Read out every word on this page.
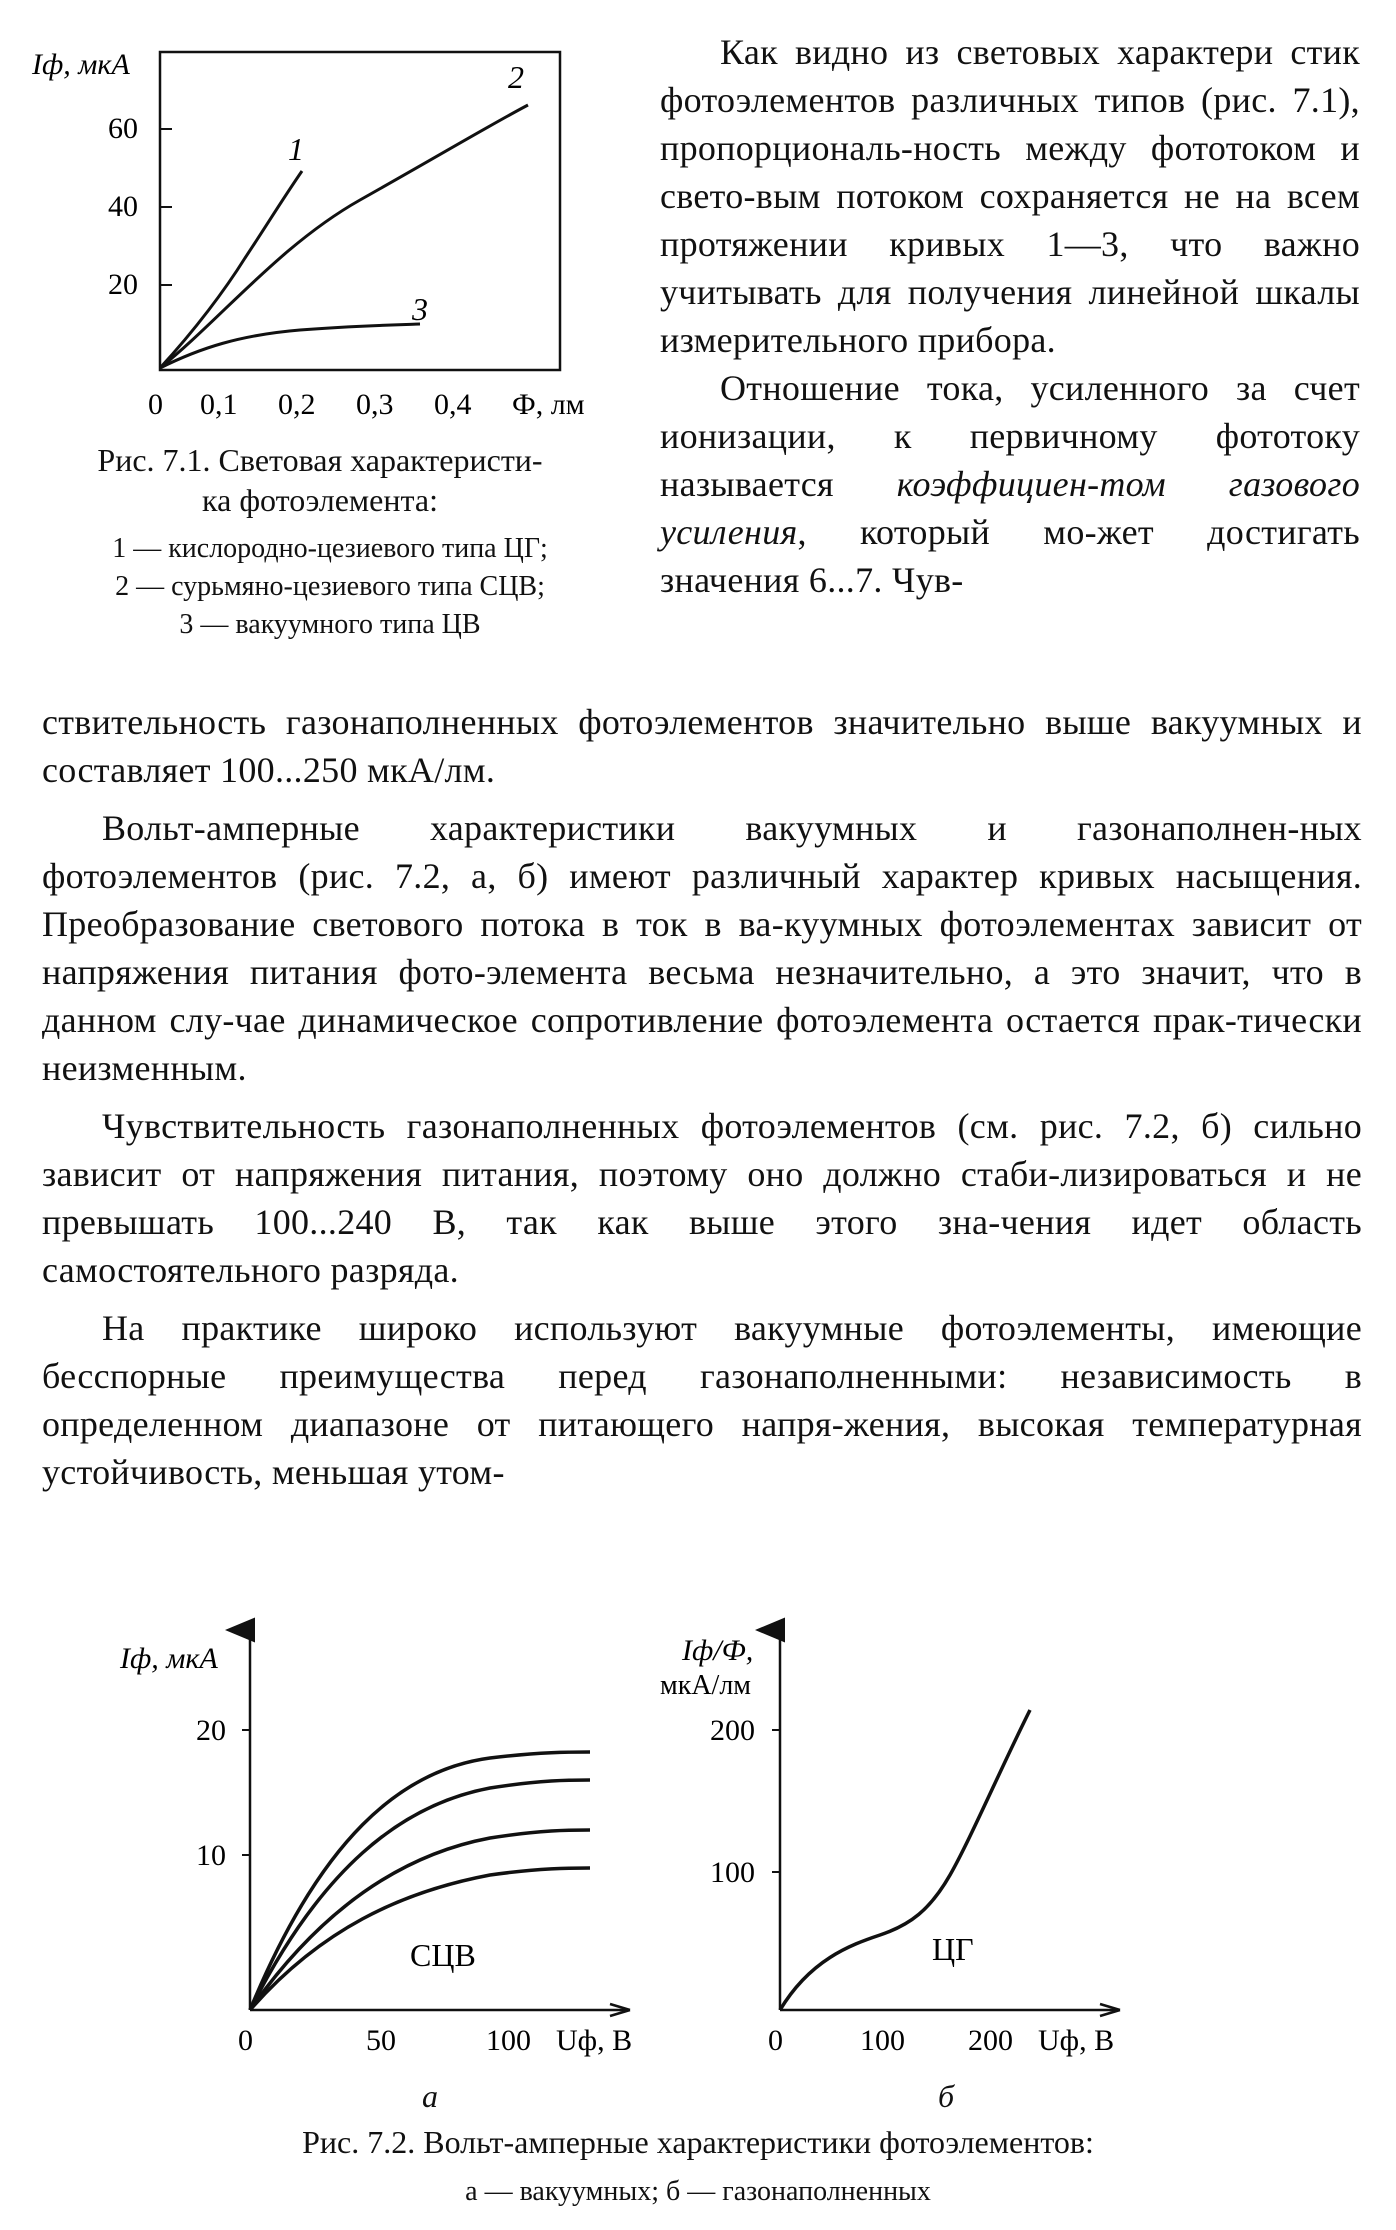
Iф, мкА
60
40
20
0 0,1 0,2 0,3 0,4 Ф, лм
1
2
3
Рис. 7.1. Световая характеристи-
ка фотоэлемента:
1 — кислородно-цезиевого типа ЦГ;
2 — сурьмяно-цезиевого типа СЦВ;
3 — вакуумного типа ЦВ

Как видно из световых характери стик фотоэлементов различных типов (рис. 7.1), пропорциональ-ность между фототоком и свето-вым потоком сохраняется не на всем протяжении кривых 1—3, что важно учитывать для получения линейной шкалы измерительного прибора.

Отношение тока, усиленного за счет ионизации, к первичному фототоку называется коэффициен-том газового усиления, который мо-жет достигать значения 6...7. Чув-

ствительность газонаполненных фотоэлементов значительно выше вакуумных и составляет 100...250 мкА/лм.

Вольт-амперные характеристики вакуумных и газонаполнен-ных фотоэлементов (рис. 7.2, а, б) имеют различный характер кривых насыщения. Преобразование светового потока в ток в ва-куумных фотоэлементах зависит от напряжения питания фото-элемента весьма незначительно, а это значит, что в данном слу-чае динамическое сопротивление фотоэлемента остается прак-тически неизменным.

Чувствительность газонаполненных фотоэлементов (см. рис. 7.2, б) сильно зависит от напряжения питания, поэтому оно должно стаби-лизироваться и не превышать 100...240 В, так как выше этого зна-чения идет область самостоятельного разряда.

На практике широко используют вакуумные фотоэлементы, имеющие бесспорные преимущества перед газонаполненными: независимость в определенном диапазоне от питающего напря-жения, высокая температурная устойчивость, меньшая утом-

Iф, мкА
20
10
0	50	100 Uф, В
СЦВ
а
Iф/Ф,
мкА/лм
200
100
0	100 200 Uф, В
ЦГ
б
Рис. 7.2. Вольт-амперные характеристики фотоэлементов:
а — вакуумных; б — газонаполненных
